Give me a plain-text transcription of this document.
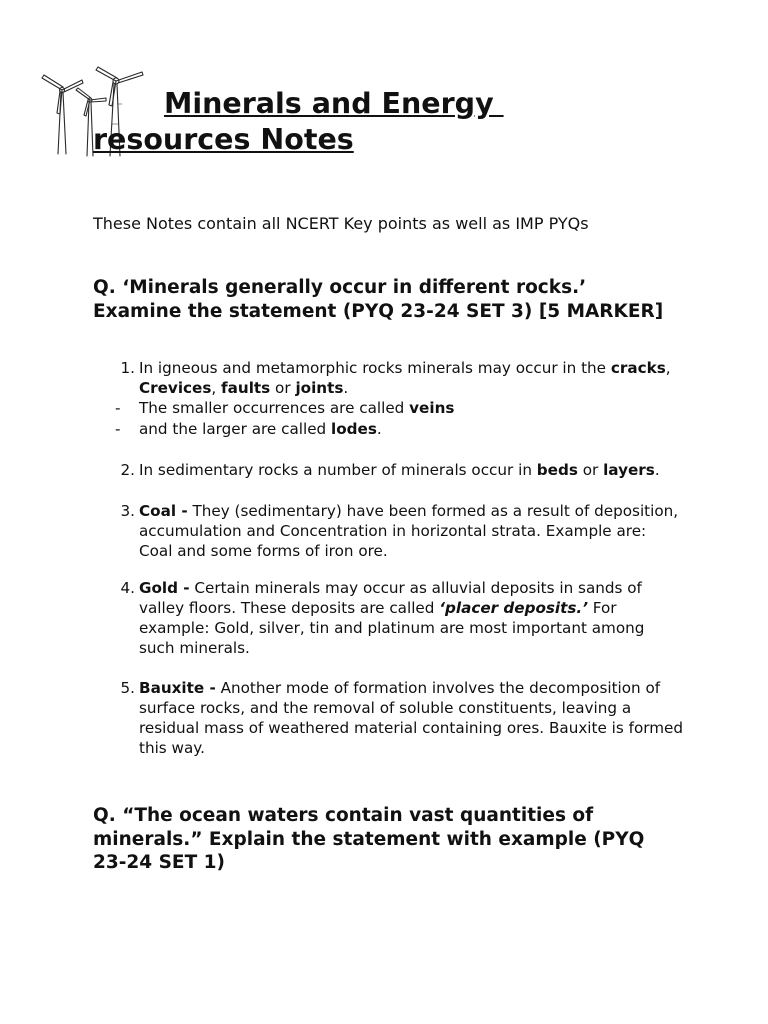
Minerals and Energy
resources Notes

These Notes contain all NCERT Key points as well as IMP PYQs

Q. ‘Minerals generally occur in different rocks.’ Examine the statement (PYQ 23-24 SET 3) [5 MARKER]

1. In igneous and metamorphic rocks minerals may occur in the cracks, Crevices, faults or joints.

-	The smaller occurrences are called veins

-	and the larger are called lodes.

2. In sedimentary rocks a number of minerals occur in beds or layers.

3. Coal - They (sedimentary) have been formed as a result of deposition, accumulation and Concentration in horizontal strata. Example are: Coal and some forms of iron ore.

4. Gold - Certain minerals may occur as alluvial deposits in sands of valley floors. These deposits are called ‘placer deposits.’ For example: Gold, silver, tin and platinum are most important among such minerals.

5. Bauxite - Another mode of formation involves the decomposition of surface rocks, and the removal of soluble constituents, leaving a residual mass of weathered material containing ores. Bauxite is formed this way.

Q. “The ocean waters contain vast quantities of minerals.” Explain the statement with example (PYQ 23-24 SET 1)
